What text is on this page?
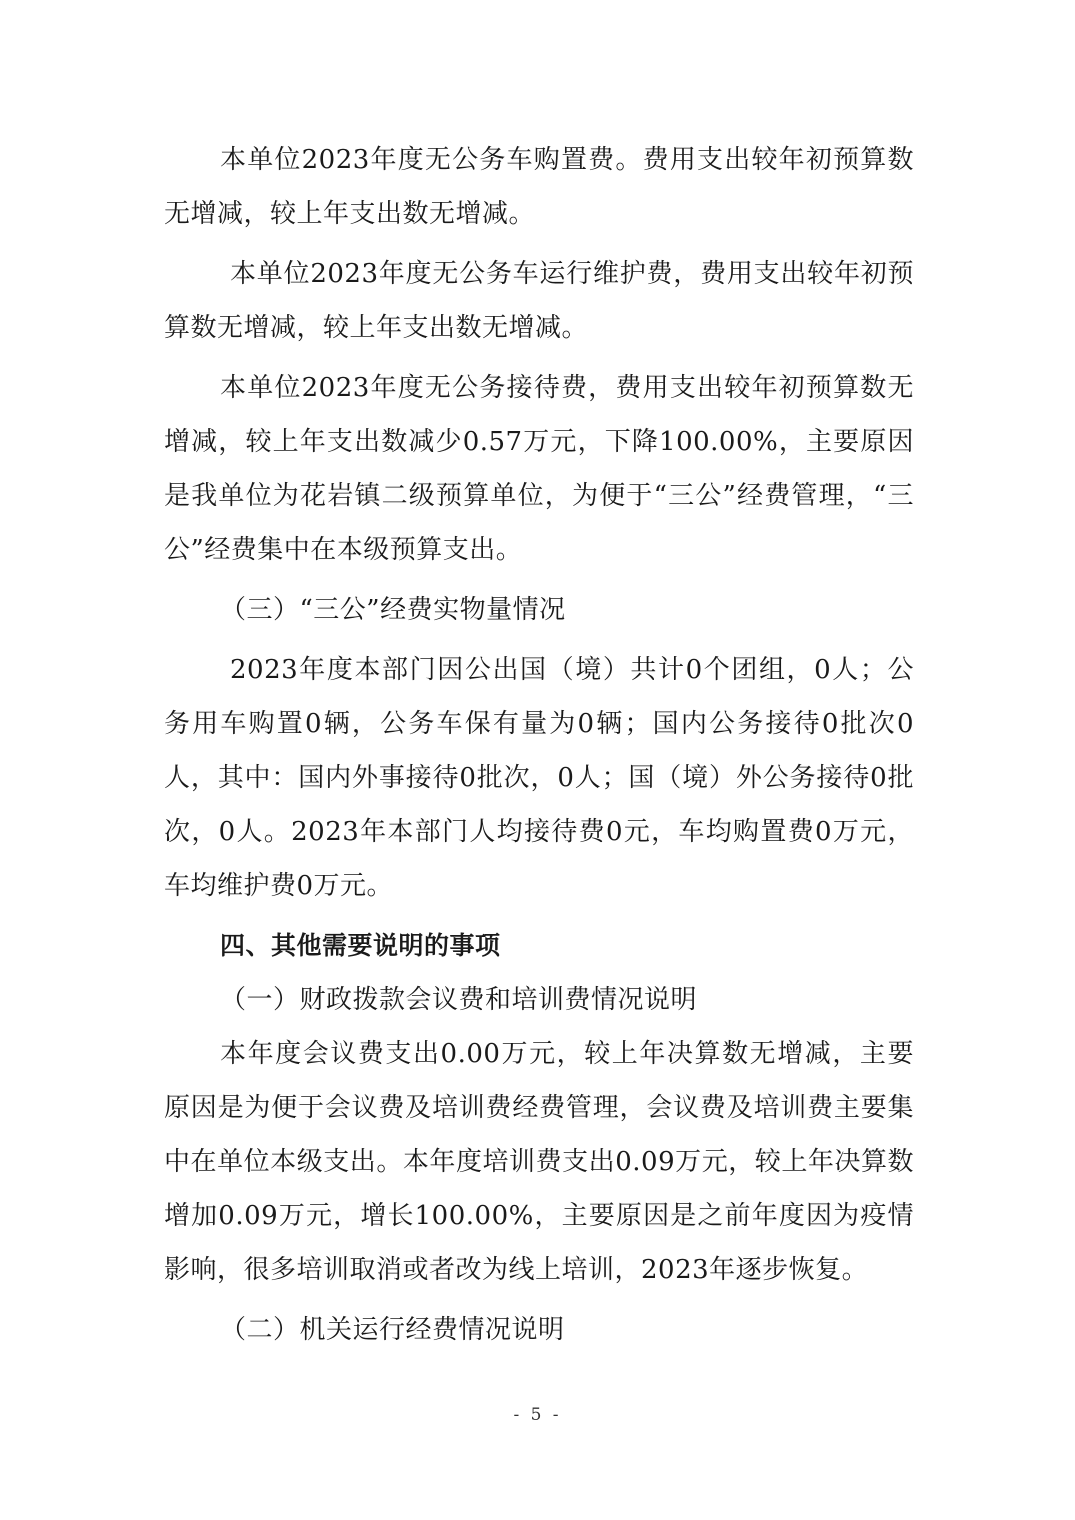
本单位2023年度无公务车购置费。费用支出较年初预算数无增减，较上年支出数无增减。

本单位2023年度无公务车运行维护费，费用支出较年初预算数无增减，较上年支出数无增减。

本单位2023年度无公务接待费，费用支出较年初预算数无增减，较上年支出数减少0.57万元，下降100.00%，主要原因是我单位为花岩镇二级预算单位，为便于“三公”经费管理，“三公”经费集中在本级预算支出。

（三）“三公”经费实物量情况

2023年度本部门因公出国（境）共计0个团组，0人；公务用车购置0辆，公务车保有量为0辆；国内公务接待0批次0人，其中：国内外事接待0批次，0人；国（境）外公务接待0批次，0人。2023年本部门人均接待费0元，车均购置费0万元，车均维护费0万元。

四、其他需要说明的事项

（一）财政拨款会议费和培训费情况说明

本年度会议费支出0.00万元，较上年决算数无增减，主要原因是为便于会议费及培训费经费管理，会议费及培训费主要集中在单位本级支出。本年度培训费支出0.09万元，较上年决算数增加0.09万元，增长100.00%，主要原因是之前年度因为疫情影响，很多培训取消或者改为线上培训，2023年逐步恢复。

（二）机关运行经费情况说明

- 5 -
